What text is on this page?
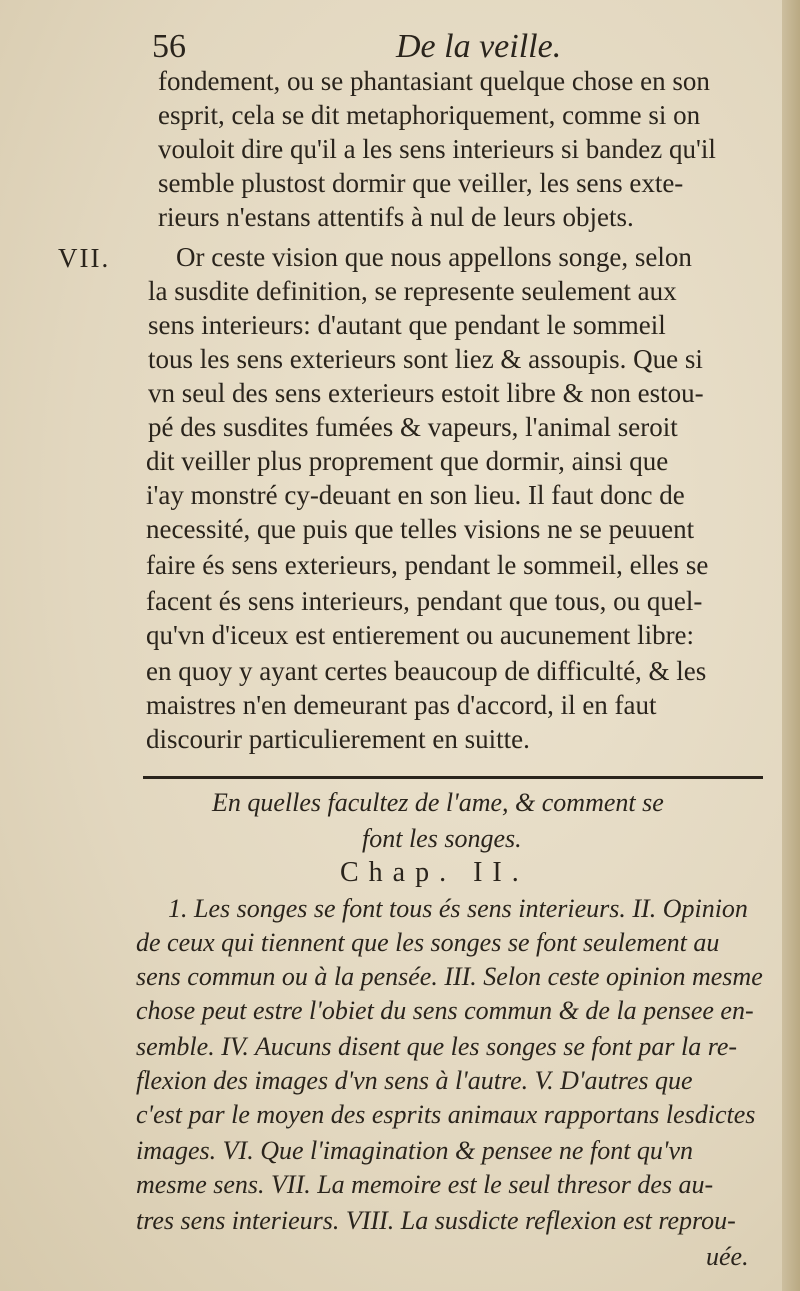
56	De la veille.
VII.
fondement, ou se phantasiant quelque chose en son
esprit, cela se dit metaphoriquement, comme si on
vouloit dire qu'il a les sens interieurs si bandez qu'il
semble plustost dormir que veiller, les sens exte-
rieurs n'estans attentifs à nul de leurs objets.
Or ceste vision que nous appellons songe, selon
la susdite definition, se represente seulement aux
sens interieurs: d'autant que pendant le sommeil
tous les sens exterieurs sont liez & assoupis. Que si
vn seul des sens exterieurs estoit libre & non estou-
pé des susdites fumées & vapeurs, l'animal seroit
dit veiller plus proprement que dormir, ainsi que
i'ay monstré cy-deuant en son lieu. Il faut donc de
necessité, que puis que telles visions ne se peuuent
faire és sens exterieurs, pendant le sommeil, elles se
facent és sens interieurs, pendant que tous, ou quel-
qu'vn d'iceux est entierement ou aucunement libre:
en quoy y ayant certes beaucoup de difficulté, & les
maistres n'en demeurant pas d'accord, il en faut
discourir particulierement en suitte.
En quelles facultez de l'ame, & comment se
font les songes.
Chap. II.
1. Les songes se font tous és sens interieurs. II. Opinion
de ceux qui tiennent que les songes se font seulement au
sens commun ou à la pensée. III. Selon ceste opinion mesme
chose peut estre l'obiet du sens commun & de la pensee en-
semble. IV. Aucuns disent que les songes se font par la re-
flexion des images d'vn sens à l'autre. V. D'autres que
c'est par le moyen des esprits animaux rapportans lesdictes
images. VI. Que l'imagination & pensee ne font qu'vn
mesme sens. VII. La memoire est le seul thresor des au-
tres sens interieurs. VIII. La susdicte reflexion est reprou-
uée.
